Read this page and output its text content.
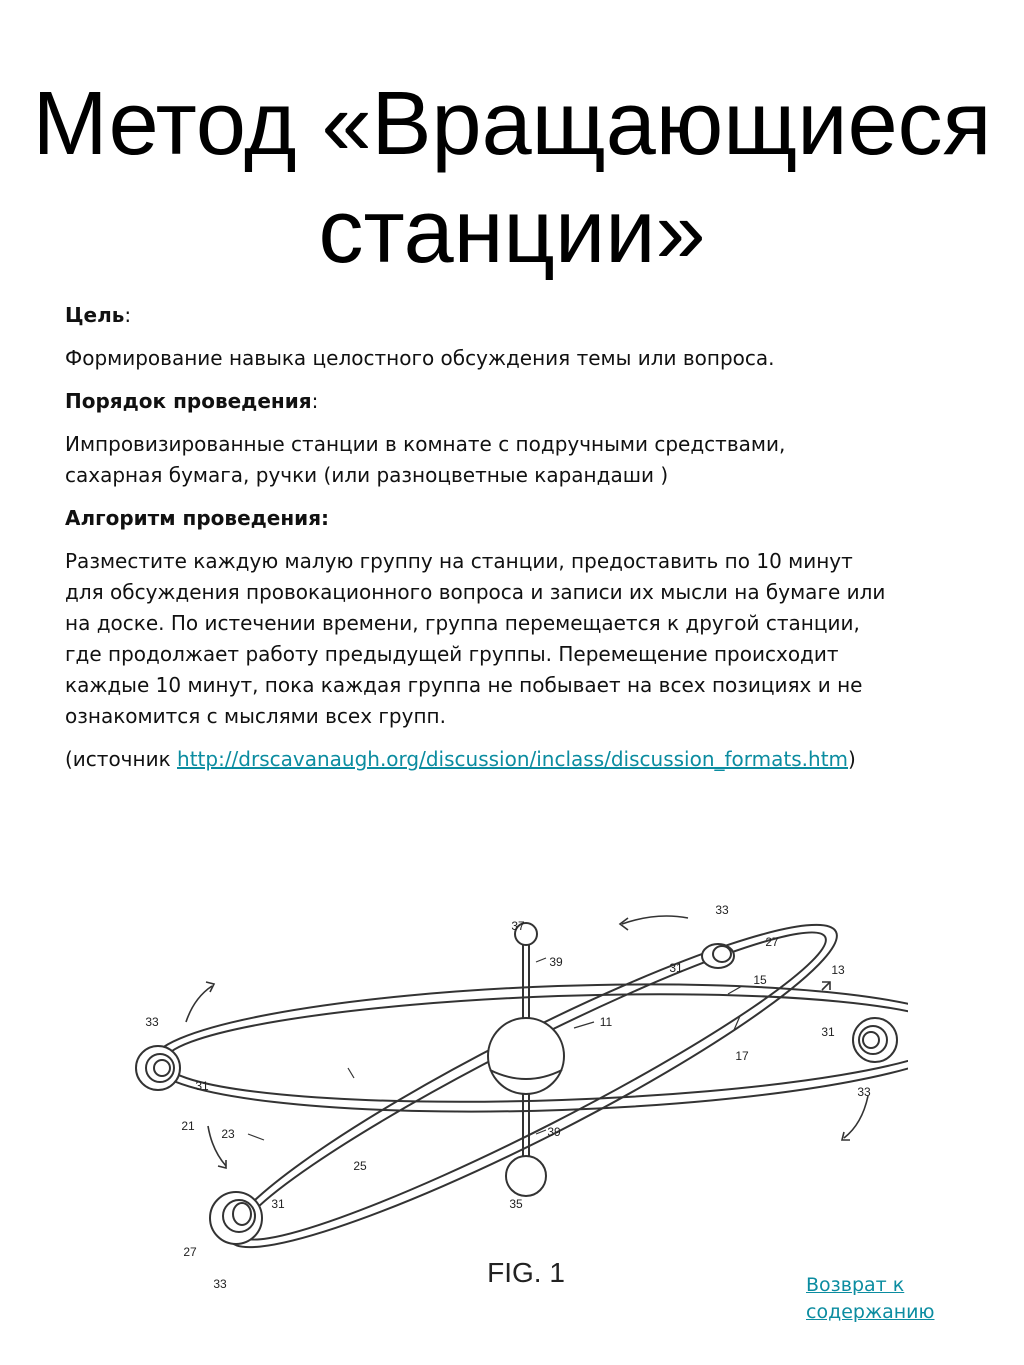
Метод «Вращающиеся
станции»

Цель:

Формирование навыка целостного обсуждения темы или вопроса.

Порядок проведения:

Импровизированные станции в комнате с подручными средствами,
сахарная бумага, ручки (или разноцветные карандаши )

Алгоритм проведения:

Разместите каждую малую группу на станции, предоставить по 10 минут
для обсуждения провокационного вопроса и записи их мысли на бумаге или
на доске. По истечении времени, группа перемещается к другой станции,
где продолжает работу предыдущей группы. Перемещение происходит
каждые 10 минут, пока каждая группа не побывает на всех позициях и не
ознакомится с мыслями всех групп.

(источник http://drscavanaugh.org/discussion/inclass/discussion_formats.htm)

37
39
33
27
31
15
13
33	11
31
17
31	33
21
23	39
25
35
31
27
33	FIG. 1	Возврат к
содержанию
